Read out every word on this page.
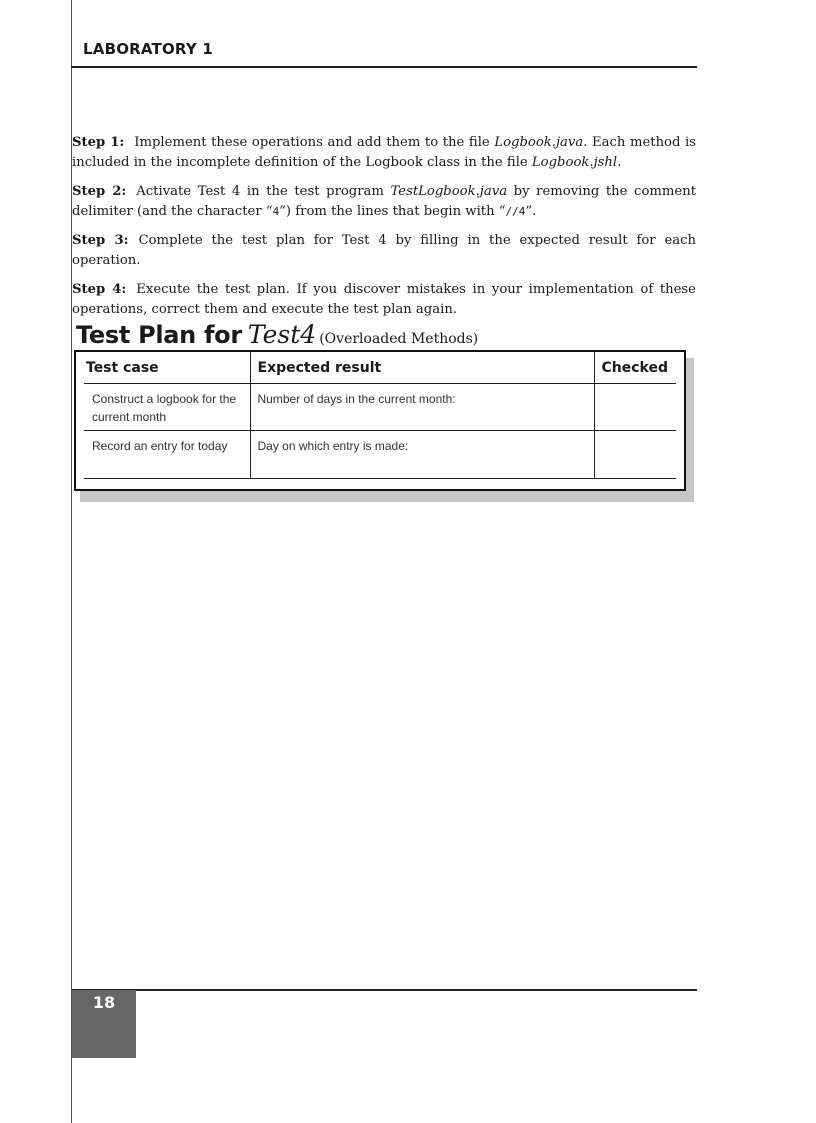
LABORATORY 1

Step 1: Implement these operations and add them to the file Logbook.java. Each method is included in the incomplete definition of the Logbook class in the file Logbook.jshl.

Step 2: Activate Test 4 in the test program TestLogbook.java by removing the comment delimiter (and the character “4”) from the lines that begin with “//4”.

Step 3: Complete the test plan for Test 4 by filling in the expected result for each operation.

Step 4: Execute the test plan. If you discover mistakes in your implementation of these operations, correct them and execute the test plan again.

Test Plan for Test4 (Overloaded Methods)
Test case	Expected result	Checked
Construct a logbook for the current month	Number of days in the current month:	
Record an entry for today	Day on which entry is made:	
18
